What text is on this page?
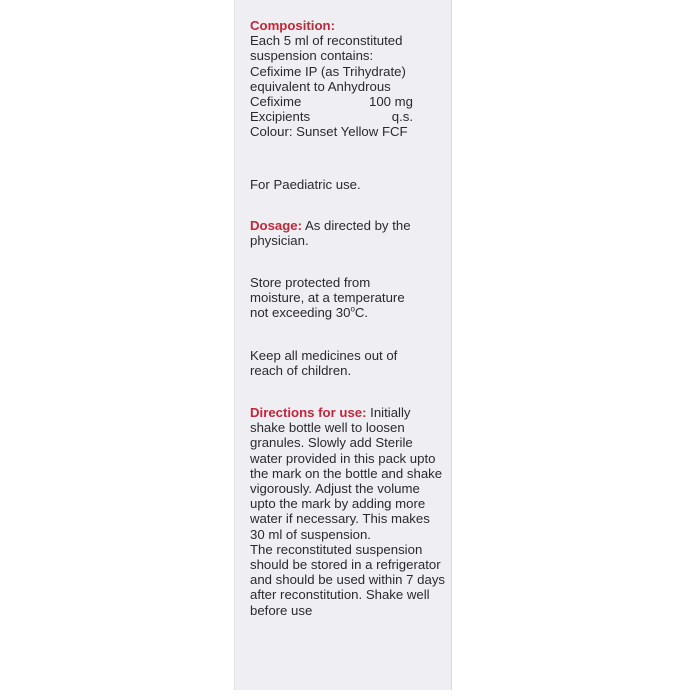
Composition:
Each 5 ml of reconstituted
suspension contains:
Cefixime IP (as Trihydrate)
equivalent to Anhydrous
Cefixime	100 mg
Excipients	q.s.
Colour: Sunset Yellow FCF
For Paediatric use.
Dosage: As directed by the
physician.
Store protected from
moisture, at a temperature
not exceeding 30$^o$C.
Keep all medicines out of
reach of children.
Directions for use: Initially
shake bottle well to loosen
granules. Slowly add Sterile
water provided in this pack upto
the mark on the bottle and shake
vigorously. Adjust the volume
upto the mark by adding more
water if necessary. This makes
30 ml of suspension.
The reconstituted suspension
should be stored in a refrigerator
and should be used within 7 days
after reconstitution. Shake well
before use
